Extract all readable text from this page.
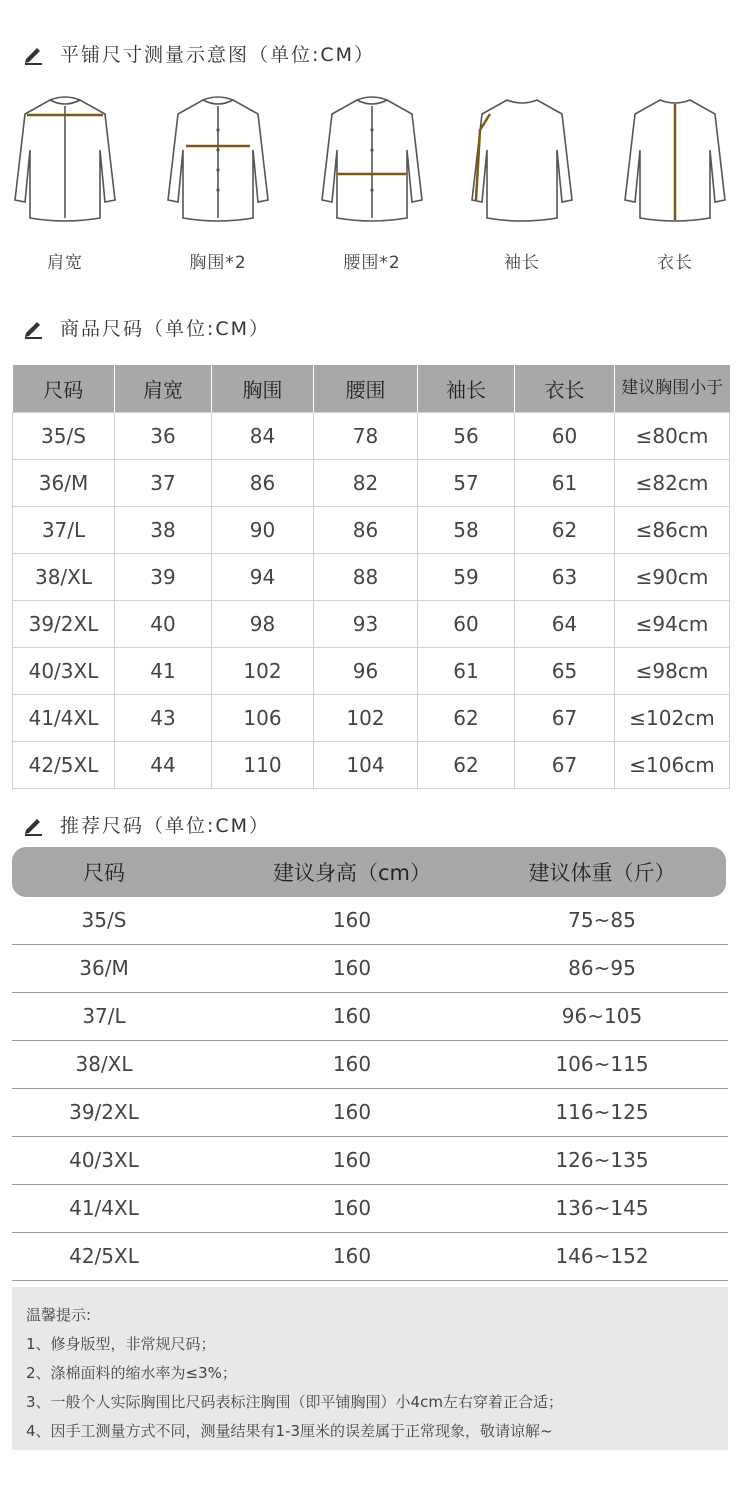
平铺尺寸测量示意图（单位:CM）
肩宽	胸围*2	腰围*2	袖长	衣长
商品尺码（单位:CM）
尺码	肩宽	胸围	腰围	袖长	衣长	建议胸围小于
35/S	36	84	78	56	60	≤80cm
36/M	37	86	82	57	61	≤82cm
37/L	38	90	86	58	62	≤86cm
38/XL	39	94	88	59	63	≤90cm
39/2XL	40	98	93	60	64	≤94cm
40/3XL	41	102	96	61	65	≤98cm
41/4XL	43	106	102	62	67	≤102cm
42/5XL	44	110	104	62	67	≤106cm
推荐尺码（单位:CM）
尺码	建议身高（cm）	建议体重（斤）
35/S	160	75~85
36/M	160	86~95
37/L	160	96~105
38/XL	160	106~115
39/2XL	160	116~125
40/3XL	160	126~135
41/4XL	160	136~145
42/5XL	160	146~152
温馨提示:
1、修身版型，非常规尺码；
2、涤棉面料的缩水率为≤3%；
3、一般个人实际胸围比尺码表标注胸围（即平铺胸围）小4cm左右穿着正合适；
4、因手工测量方式不同，测量结果有1-3厘米的误差属于正常现象，敬请谅解~
